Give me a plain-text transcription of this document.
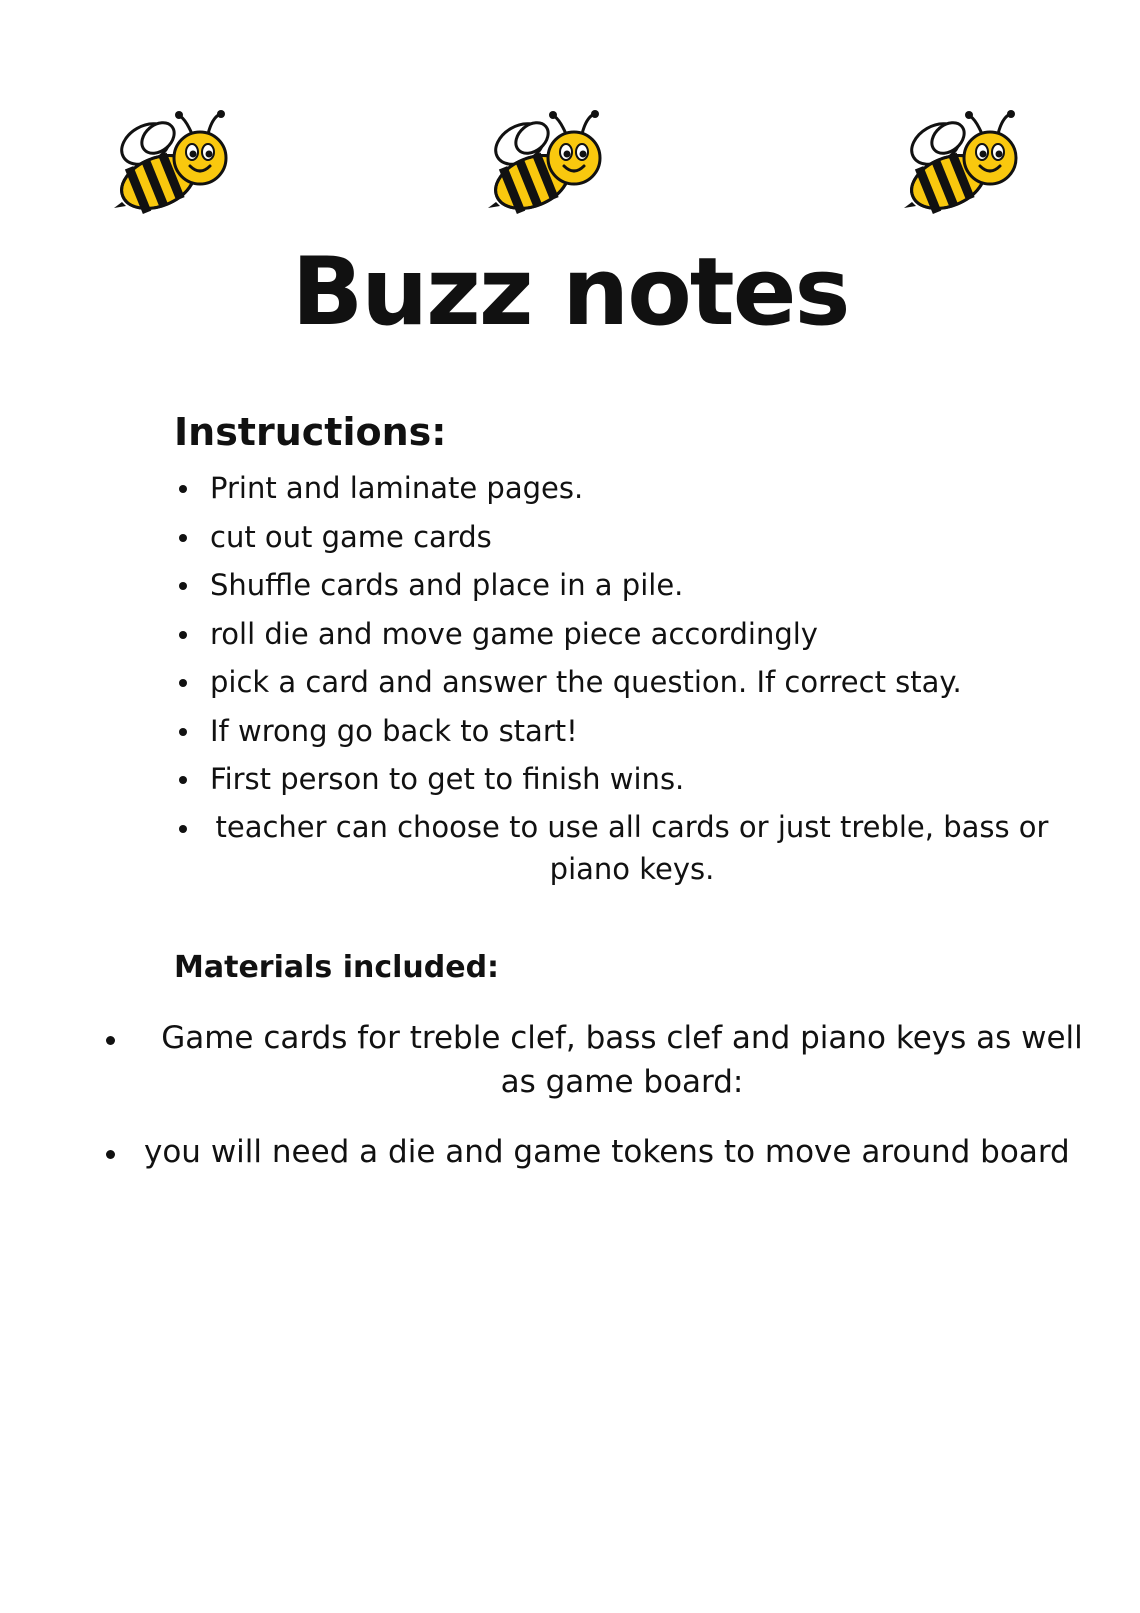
Buzz notes
Instructions:
Print and laminate pages.
cut out game cards
Shuffle cards and place in a pile.
roll die and move game piece accordingly
pick a card and answer the question. If correct stay.
If wrong go back to start!
First person to get to finish wins.
teacher can choose to use all cards or just treble, bass or piano keys.
Materials included:
Game cards for treble clef, bass clef and piano keys as well as game board:
you will need a die and game tokens to move around board
